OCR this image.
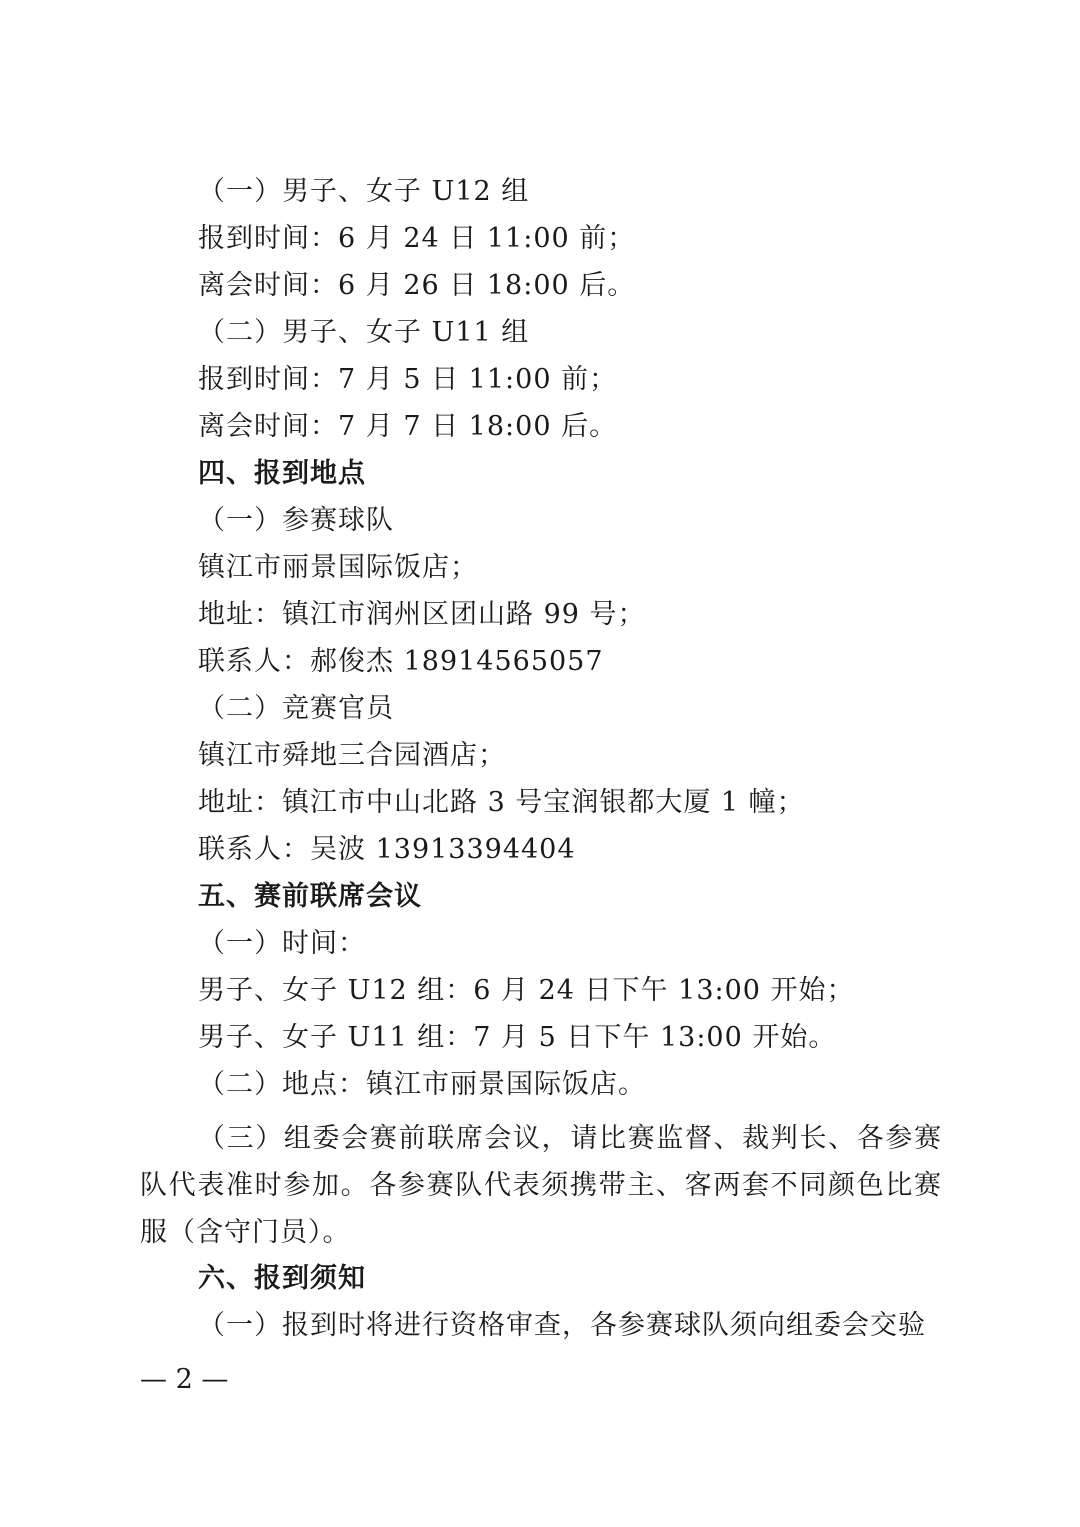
（一）男子、女子 U12 组
报到时间：6 月 24 日 11:00 前；
离会时间：6 月 26 日 18:00 后。
（二）男子、女子 U11 组
报到时间：7 月 5 日 11:00 前；
离会时间：7 月 7 日 18:00 后。
四、报到地点
（一）参赛球队
镇江市丽景国际饭店；
地址：镇江市润州区团山路 99 号；
联系人：郝俊杰 18914565057
（二）竞赛官员
镇江市舜地三合园酒店；
地址：镇江市中山北路 3 号宝润银都大厦 1 幢；
联系人：吴波 13913394404
五、赛前联席会议
（一）时间：
男子、女子 U12 组：6 月 24 日下午 13:00 开始；
男子、女子 U11 组：7 月 5 日下午 13:00 开始。
（二）地点：镇江市丽景国际饭店。
（三）组委会赛前联席会议，请比赛监督、裁判长、各参赛队代表准时参加。各参赛队代表须携带主、客两套不同颜色比赛服（含守门员）。
六、报到须知
（一）报到时将进行资格审查，各参赛球队须向组委会交验
— 2 —
